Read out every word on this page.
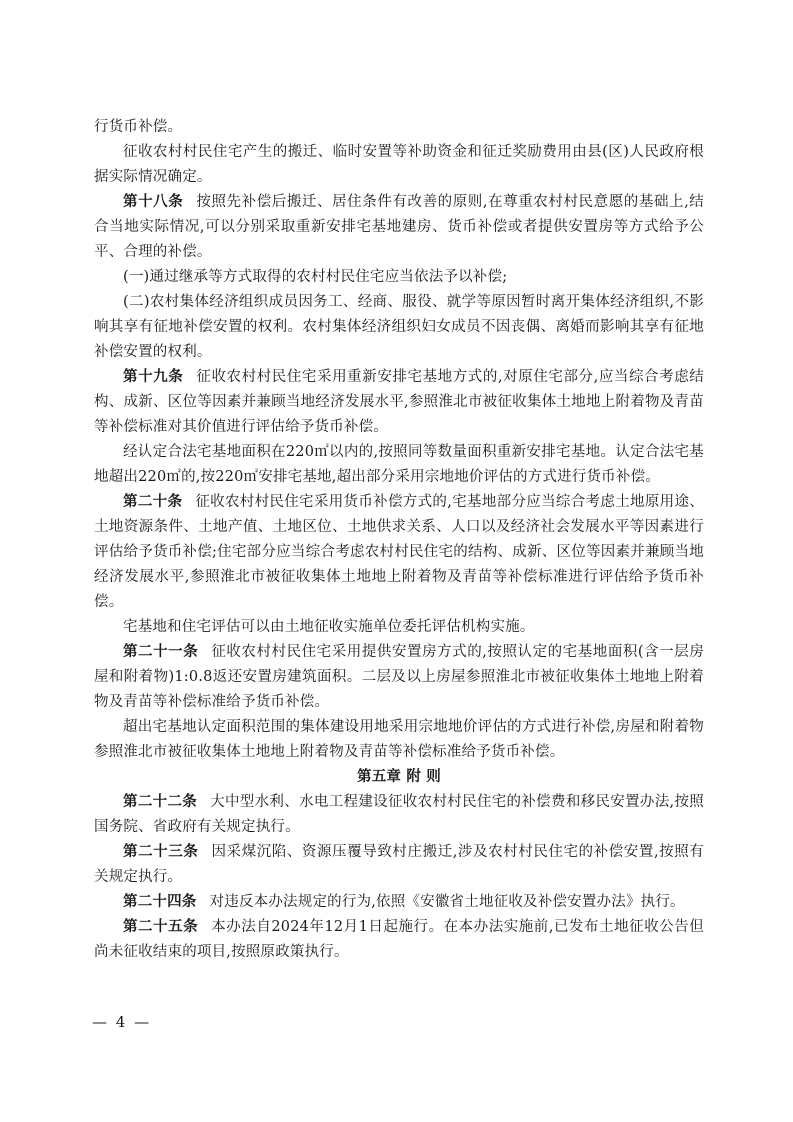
行货币补偿。

征收农村村民住宅产生的搬迁、临时安置等补助资金和征迁奖励费用由县(区)人民政府根据实际情况确定。

第十八条 按照先补偿后搬迁、居住条件有改善的原则,在尊重农村村民意愿的基础上,结合当地实际情况,可以分别采取重新安排宅基地建房、货币补偿或者提供安置房等方式给予公平、合理的补偿。

(一)通过继承等方式取得的农村村民住宅应当依法予以补偿;

(二)农村集体经济组织成员因务工、经商、服役、就学等原因暂时离开集体经济组织,不影响其享有征地补偿安置的权利。农村集体经济组织妇女成员不因丧偶、离婚而影响其享有征地补偿安置的权利。

第十九条 征收农村村民住宅采用重新安排宅基地方式的,对原住宅部分,应当综合考虑结构、成新、区位等因素并兼顾当地经济发展水平,参照淮北市被征收集体土地地上附着物及青苗等补偿标准对其价值进行评估给予货币补偿。

经认定合法宅基地面积在220㎡以内的,按照同等数量面积重新安排宅基地。认定合法宅基地超出220㎡的,按220㎡安排宅基地,超出部分采用宗地地价评估的方式进行货币补偿。

第二十条 征收农村村民住宅采用货币补偿方式的,宅基地部分应当综合考虑土地原用途、土地资源条件、土地产值、土地区位、土地供求关系、人口以及经济社会发展水平等因素进行评估给予货币补偿;住宅部分应当综合考虑农村村民住宅的结构、成新、区位等因素并兼顾当地经济发展水平,参照淮北市被征收集体土地地上附着物及青苗等补偿标准进行评估给予货币补偿。

宅基地和住宅评估可以由土地征收实施单位委托评估机构实施。

第二十一条 征收农村村民住宅采用提供安置房方式的,按照认定的宅基地面积(含一层房屋和附着物)1:0.8返还安置房建筑面积。二层及以上房屋参照淮北市被征收集体土地地上附着物及青苗等补偿标准给予货币补偿。

超出宅基地认定面积范围的集体建设用地采用宗地地价评估的方式进行补偿,房屋和附着物参照淮北市被征收集体土地地上附着物及青苗等补偿标准给予货币补偿。

第五章 附 则

第二十二条 大中型水利、水电工程建设征收农村村民住宅的补偿费和移民安置办法,按照国务院、省政府有关规定执行。

第二十三条 因采煤沉陷、资源压覆导致村庄搬迁,涉及农村村民住宅的补偿安置,按照有关规定执行。

第二十四条 对违反本办法规定的行为,依照《安徽省土地征收及补偿安置办法》执行。

第二十五条 本办法自2024年12月1日起施行。在本办法实施前,已发布土地征收公告但尚未征收结束的项目,按照原政策执行。

— 4 —
